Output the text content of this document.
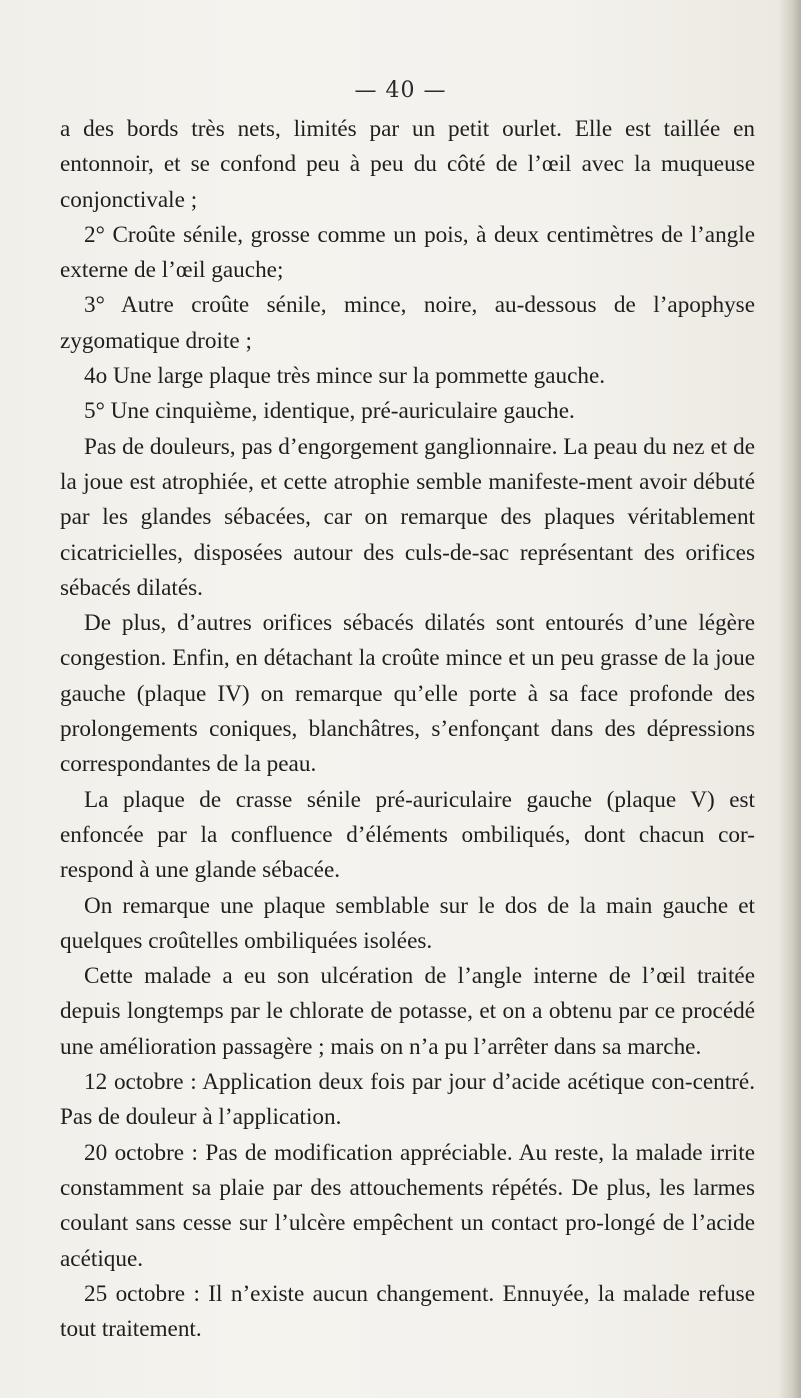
— 40 —

a des bords très nets, limités par un petit ourlet. Elle est taillée en entonnoir, et se confond peu à peu du côté de l’œil avec la muqueuse conjonctivale ;

2° Croûte sénile, grosse comme un pois, à deux centimètres de l’angle externe de l’œil gauche;

3° Autre croûte sénile, mince, noire, au-dessous de l’apophyse zygomatique droite ;

4o Une large plaque très mince sur la pommette gauche.

5° Une cinquième, identique, pré-auriculaire gauche.

Pas de douleurs, pas d’engorgement ganglionnaire. La peau du nez et de la joue est atrophiée, et cette atrophie semble manifeste-ment avoir débuté par les glandes sébacées, car on remarque des plaques véritablement cicatricielles, disposées autour des culs-de-sac représentant des orifices sébacés dilatés.

De plus, d’autres orifices sébacés dilatés sont entourés d’une légère congestion. Enfin, en détachant la croûte mince et un peu grasse de la joue gauche (plaque IV) on remarque qu’elle porte à sa face profonde des prolongements coniques, blanchâtres, s’enfonçant dans des dépressions correspondantes de la peau.

La plaque de crasse sénile pré-auriculaire gauche (plaque V) est enfoncée par la confluence d’éléments ombiliqués, dont chacun cor-respond à une glande sébacée.

On remarque une plaque semblable sur le dos de la main gauche et quelques croûtelles ombiliquées isolées.

Cette malade a eu son ulcération de l’angle interne de l’œil traitée depuis longtemps par le chlorate de potasse, et on a obtenu par ce procédé une amélioration passagère ; mais on n’a pu l’arrêter dans sa marche.

12 octobre : Application deux fois par jour d’acide acétique con-centré. Pas de douleur à l’application.

20 octobre : Pas de modification appréciable. Au reste, la malade irrite constamment sa plaie par des attouchements répétés. De plus, les larmes coulant sans cesse sur l’ulcère empêchent un contact pro-longé de l’acide acétique.

25 octobre : Il n’existe aucun changement. Ennuyée, la malade refuse tout traitement.
